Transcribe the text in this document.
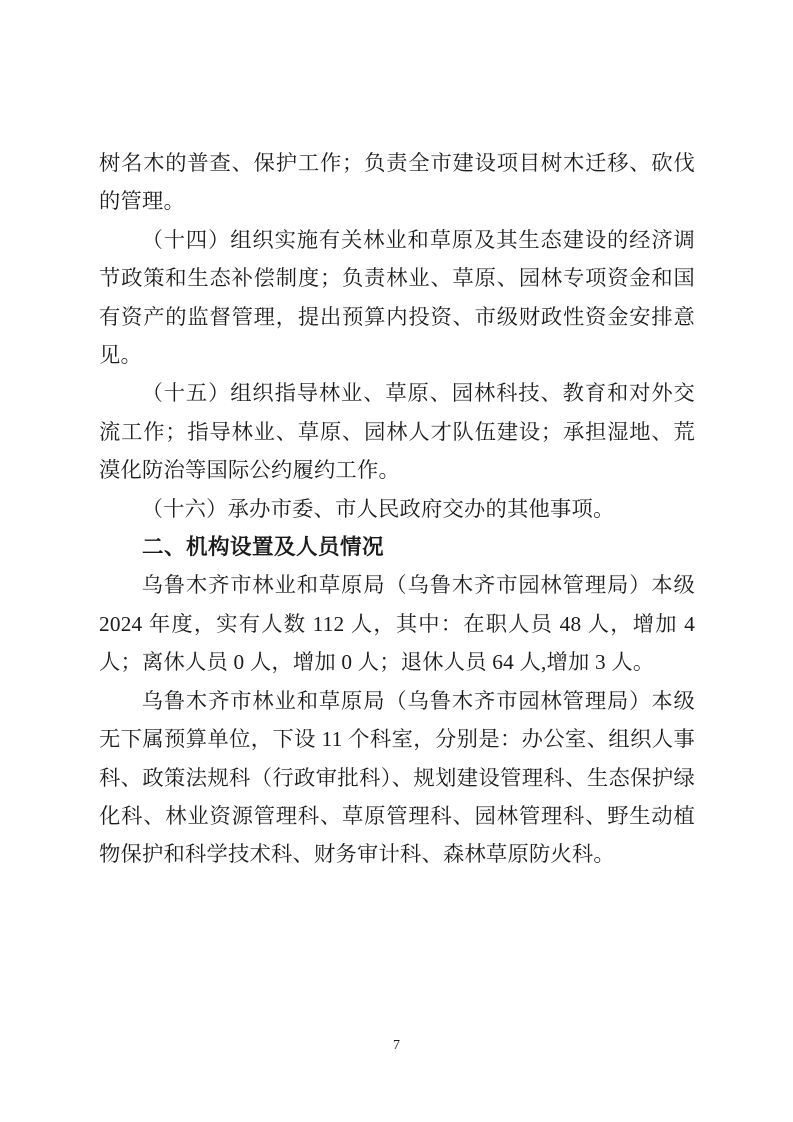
树名木的普查、保护工作；负责全市建设项目树木迁移、砍伐的管理。

（十四）组织实施有关林业和草原及其生态建设的经济调节政策和生态补偿制度；负责林业、草原、园林专项资金和国有资产的监督管理，提出预算内投资、市级财政性资金安排意见。

（十五）组织指导林业、草原、园林科技、教育和对外交流工作；指导林业、草原、园林人才队伍建设；承担湿地、荒漠化防治等国际公约履约工作。

（十六）承办市委、市人民政府交办的其他事项。

二、机构设置及人员情况

乌鲁木齐市林业和草原局（乌鲁木齐市园林管理局）本级 2024 年度，实有人数 112 人，其中：在职人员 48 人，增加 4 人；离休人员 0 人，增加 0 人；退休人员 64 人,增加 3 人。

乌鲁木齐市林业和草原局（乌鲁木齐市园林管理局）本级无下属预算单位，下设 11 个科室，分别是：办公室、组织人事科、政策法规科（行政审批科）、规划建设管理科、生态保护绿化科、林业资源管理科、草原管理科、园林管理科、野生动植物保护和科学技术科、财务审计科、森林草原防火科。

7
